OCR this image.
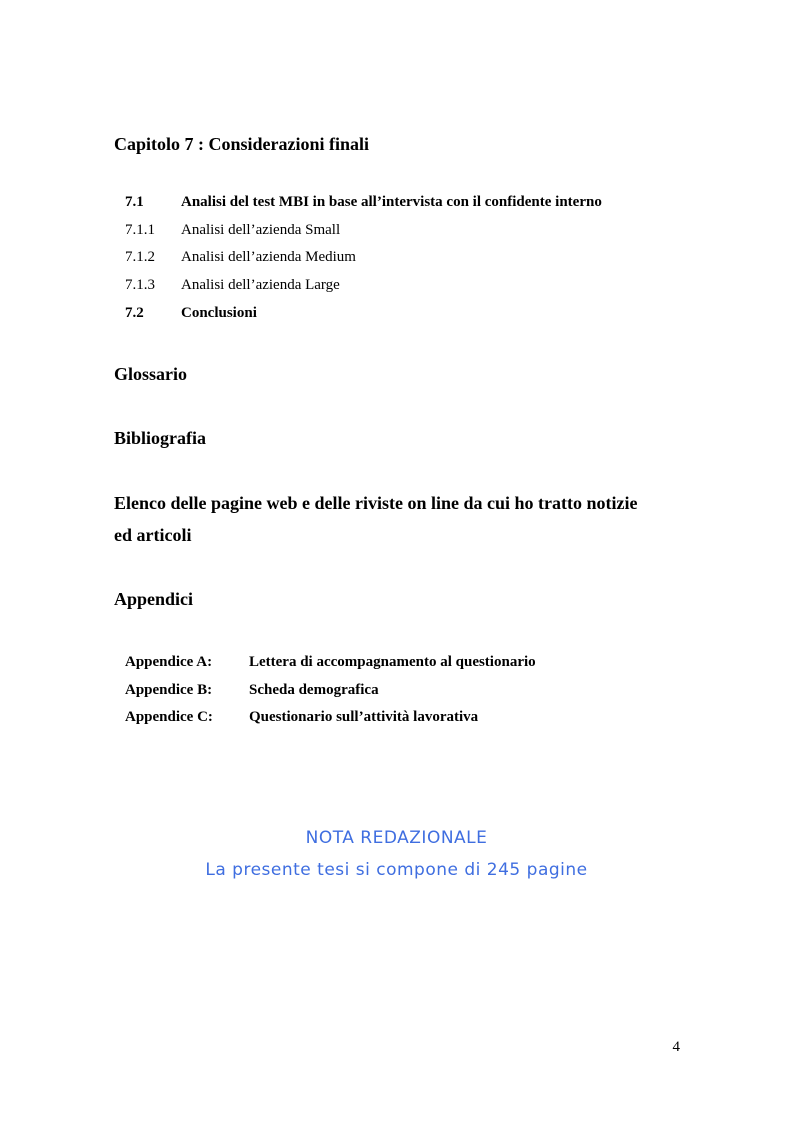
Capitolo 7 : Considerazioni finali
7.1 Analisi del test MBI in base all’intervista con il confidente interno
7.1.1 Analisi dell’azienda Small
7.1.2 Analisi dell’azienda Medium
7.1.3 Analisi dell’azienda Large
7.2 Conclusioni
Glossario
Bibliografia
Elenco delle pagine web e delle riviste on line da cui ho tratto notizie
ed articoli
Appendici
Appendice A: Lettera di accompagnamento al questionario
Appendice B: Scheda demografica
Appendice C: Questionario sull’attività lavorativa
NOTA REDAZIONALE
La presente tesi si compone di 245 pagine
4
